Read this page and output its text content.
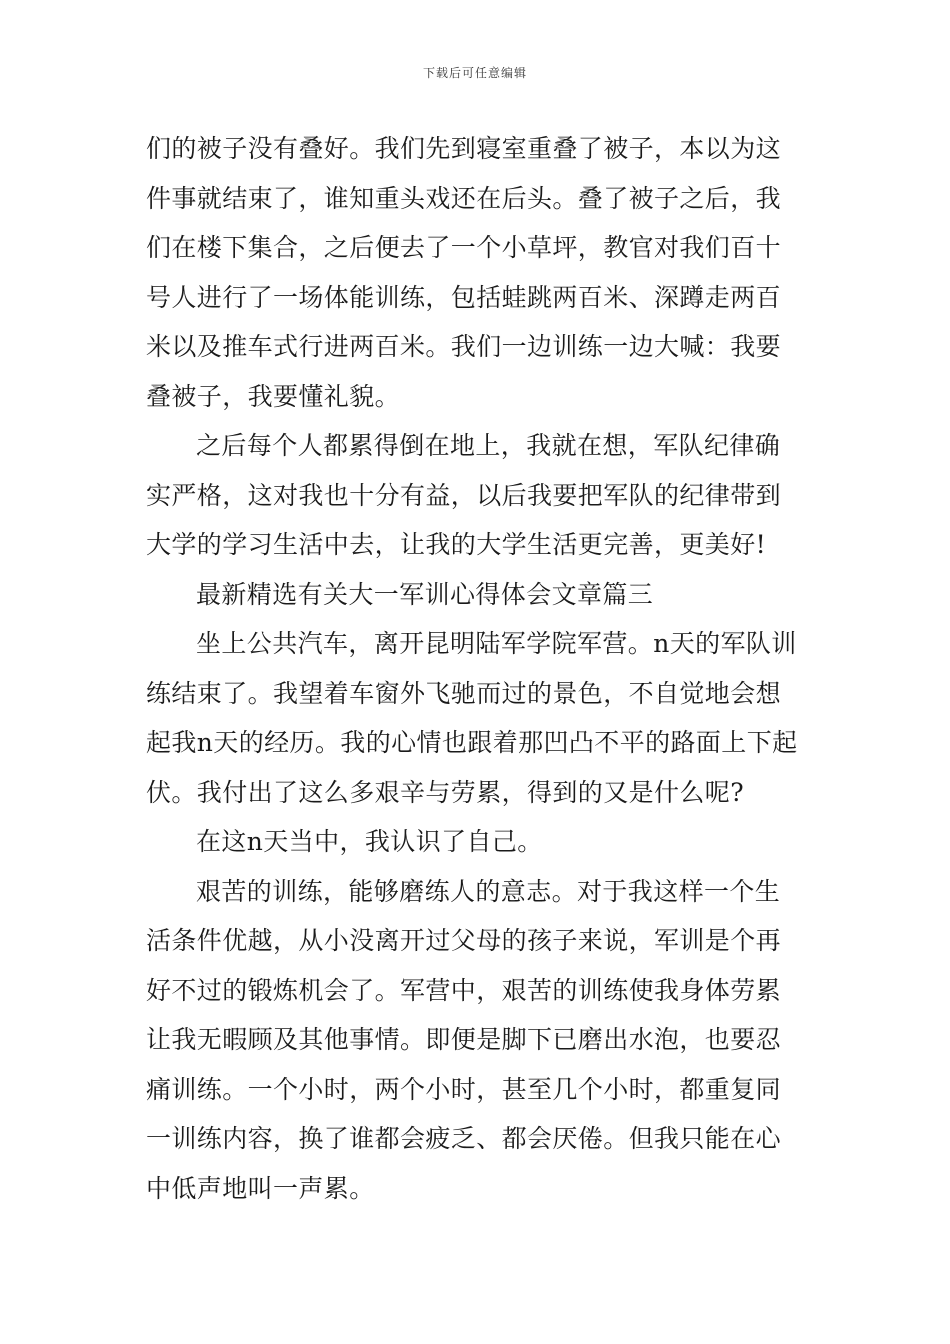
下载后可任意编辑
们的被子没有叠好。我们先到寝室重叠了被子，本以为这
件事就结束了，谁知重头戏还在后头。叠了被子之后，我
们在楼下集合，之后便去了一个小草坪，教官对我们百十
号人进行了一场体能训练，包括蛙跳两百米、深蹲走两百
米以及推车式行进两百米。我们一边训练一边大喊：我要
叠被子，我要懂礼貌。
之后每个人都累得倒在地上，我就在想，军队纪律确
实严格，这对我也十分有益，以后我要把军队的纪律带到
大学的学习生活中去，让我的大学生活更完善，更美好!
最新精选有关大一军训心得体会文章篇三
坐上公共汽车，离开昆明陆军学院军营。n天的军队训
练结束了。我望着车窗外飞驰而过的景色，不自觉地会想
起我n天的经历。我的心情也跟着那凹凸不平的路面上下起
伏。我付出了这么多艰辛与劳累，得到的又是什么呢?
在这n天当中，我认识了自己。
艰苦的训练，能够磨练人的意志。对于我这样一个生
活条件优越，从小没离开过父母的孩子来说，军训是个再
好不过的锻炼机会了。军营中，艰苦的训练使我身体劳累
让我无暇顾及其他事情。即便是脚下已磨出水泡，也要忍
痛训练。一个小时，两个小时，甚至几个小时，都重复同
一训练内容，换了谁都会疲乏、都会厌倦。但我只能在心
中低声地叫一声累。
